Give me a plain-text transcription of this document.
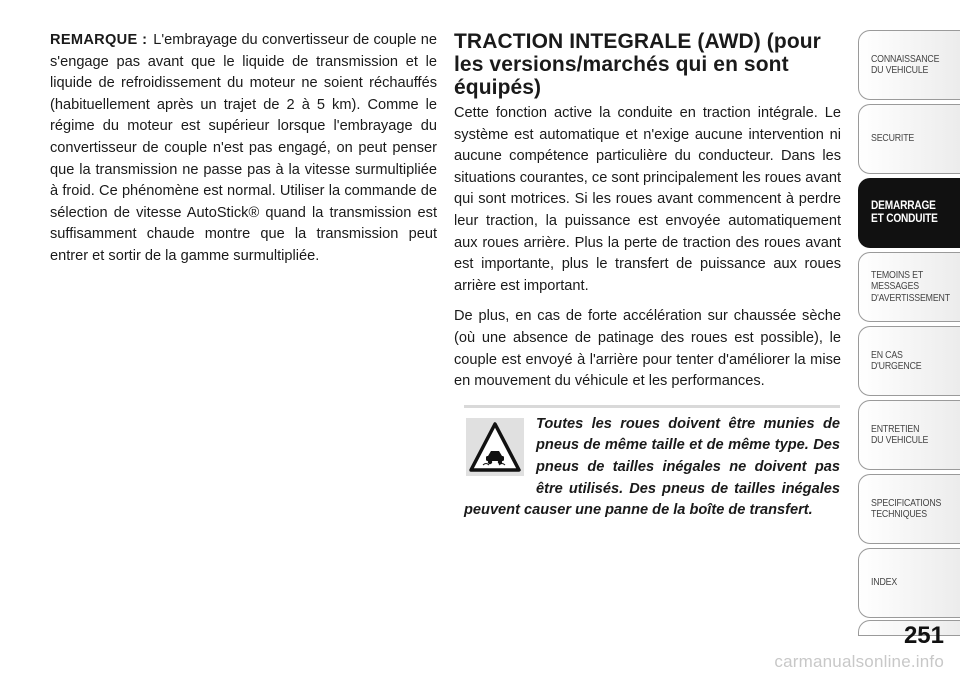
REMARQUE : L'embrayage du convertisseur de couple ne s'engage pas avant que le liquide de transmission et le liquide de refroidissement du moteur ne soient réchauffés (habituellement après un trajet de 2 à 5 km). Comme le régime du moteur est supérieur lorsque l'embrayage du convertisseur de couple n'est pas engagé, on peut penser que la transmission ne passe pas à la vitesse surmultipliée à froid. Ce phénomène est normal. Utiliser la commande de sélection de vitesse AutoStick® quand la transmission est suffisamment chaude montre que la transmission peut entrer et sortir de la gamme surmultipliée.

TRACTION INTEGRALE (AWD) (pour les versions/marchés qui en sont équipés)

Cette fonction active la conduite en traction intégrale. Le système est automatique et n'exige aucune intervention ni aucune compétence particulière du conducteur. Dans les situations courantes, ce sont principalement les roues avant qui sont motrices. Si les roues avant commencent à perdre leur traction, la puissance est envoyée automatiquement aux roues arrière. Plus la perte de traction des roues avant est importante, plus le transfert de puissance aux roues arrière est important.

De plus, en cas de forte accélération sur chaussée sèche (où une absence de patinage des roues est possible), le couple est envoyé à l'arrière pour tenter d'améliorer la mise en mouvement du véhicule et les performances.

Toutes les roues doivent être munies de pneus de même taille et de même type. Des pneus de tailles inégales ne doivent pas être utilisés. Des pneus de tailles inégales peuvent causer une panne de la boîte de transfert.

CONNAISSANCE
DU VEHICULE
SECURITE
DEMARRAGE
ET CONDUITE
TEMOINS ET
MESSAGES
D'AVERTISSEMENT
EN CAS
D'URGENCE
ENTRETIEN
DU VEHICULE
SPECIFICATIONS
TECHNIQUES
INDEX
251
carmanualsonline.info
